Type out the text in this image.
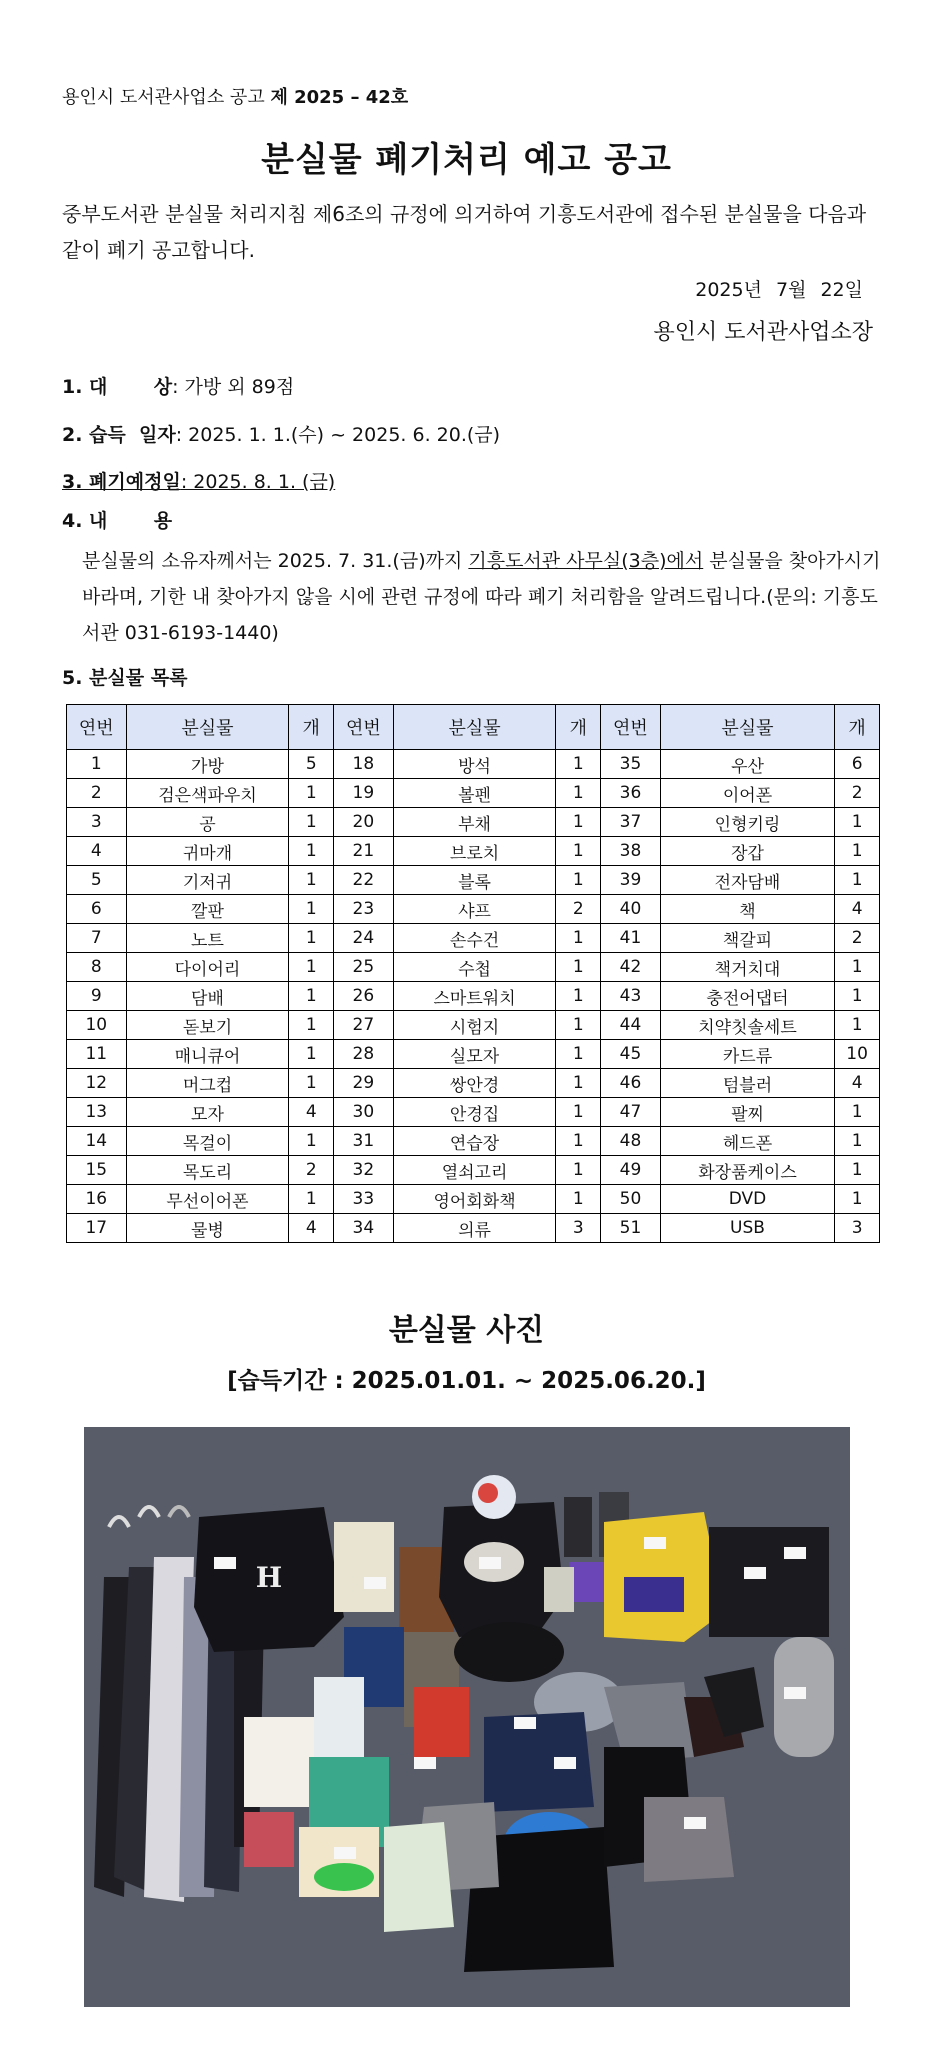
용인시 도서관사업소 공고 제 2025 – 42호
분실물 폐기처리 예고 공고
중부도서관 분실물 처리지침 제6조의 규정에 의거하여 기흥도서관에 접수된 분실물을 다음과 같이 폐기 공고합니다.
2025년 7월 22일
용인시 도서관사업소장
1. 대       상: 가방 외 89점
2. 습득  일자: 2025. 1. 1.(수) ~ 2025. 6. 20.(금)
3. 폐기예정일: 2025. 8. 1. (금)
4. 내       용
분실물의 소유자께서는 2025. 7. 31.(금)까지 기흥도서관 사무실(3층)에서 분실물을 찾아가시기 바라며, 기한 내 찾아가지 않을 시에 관련 규정에 따라 폐기 처리함을 알려드립니다.(문의: 기흥도서관 031-6193-1440)
5. 분실물 목록
연번	분실물	개	연번	분실물	개	연번	분실물	개
1	가방	5	18	방석	1	35	우산	6
2	검은색파우치	1	19	볼펜	1	36	이어폰	2
3	공	1	20	부채	1	37	인형키링	1
4	귀마개	1	21	브로치	1	38	장갑	1
5	기저귀	1	22	블록	1	39	전자담배	1
6	깔판	1	23	샤프	2	40	책	4
7	노트	1	24	손수건	1	41	책갈피	2
8	다이어리	1	25	수첩	1	42	책거치대	1
9	담배	1	26	스마트워치	1	43	충전어댑터	1
10	돋보기	1	27	시험지	1	44	치약칫솔세트	1
11	매니큐어	1	28	실모자	1	45	카드류	10
12	머그컵	1	29	쌍안경	1	46	텀블러	4
13	모자	4	30	안경집	1	47	팔찌	1
14	목걸이	1	31	연습장	1	48	헤드폰	1
15	목도리	2	32	열쇠고리	1	49	화장품케이스	1
16	무선이어폰	1	33	영어회화책	1	50	DVD	1
17	물병	4	34	의류	3	51	USB	3
분실물 사진
[습득기간 : 2025.01.01. ~ 2025.06.20.]
H
